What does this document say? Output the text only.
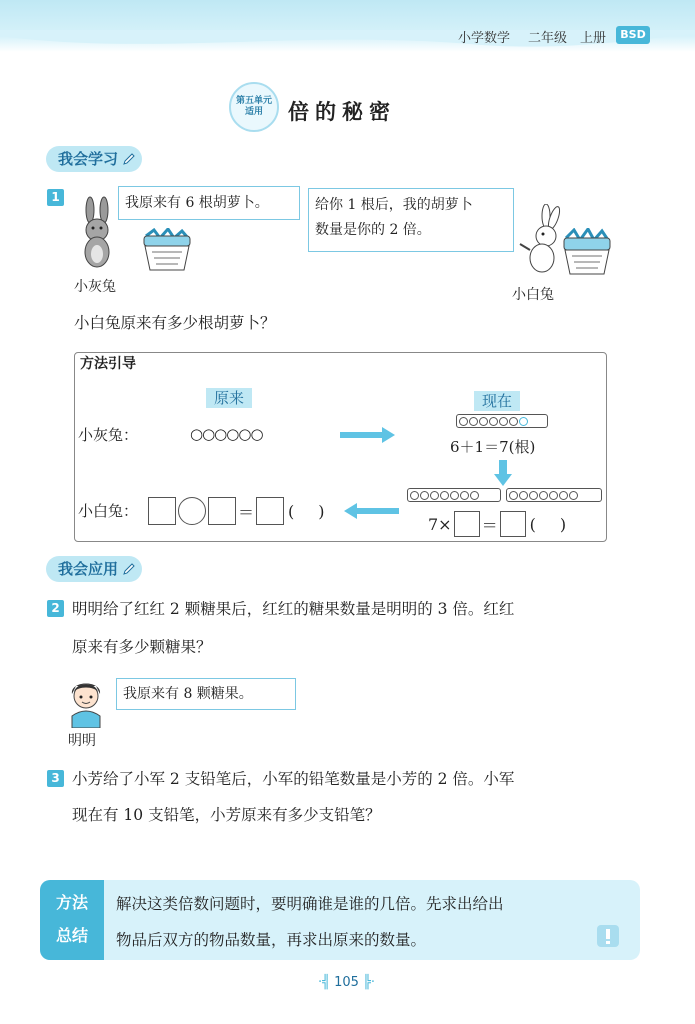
小学数学 二年级 上册	BSD
第五单元
适用	倍的秘密
我会学习
1	我原来有 6 根胡萝卜。
小灰兔
给你 1 根后，我的胡萝卜
数量是你的 2 倍。
小白兔
小白兔原来有多少根胡萝卜？
方法引导
原来	现在
小灰兔：	○○○○○○
6＋1＝7(根)
小白兔：	＝ ( )
7× ＝ ( )
我会应用
2 明明给了红红 2 颗糖果后，红红的糖果数量是明明的 3 倍。红红
原来有多少颗糖果？
我原来有 8 颗糖果。
明明
3 小芳给了小军 2 支铅笔后，小军的铅笔数量是小芳的 2 倍。小军
现在有 10 支铅笔，小芳原来有多少支铅笔？
方法
总结
解决这类倍数问题时，要明确谁是谁的几倍。先求出给出
物品后双方的物品数量，再求出原来的数量。
·╣ 105 ╠·
